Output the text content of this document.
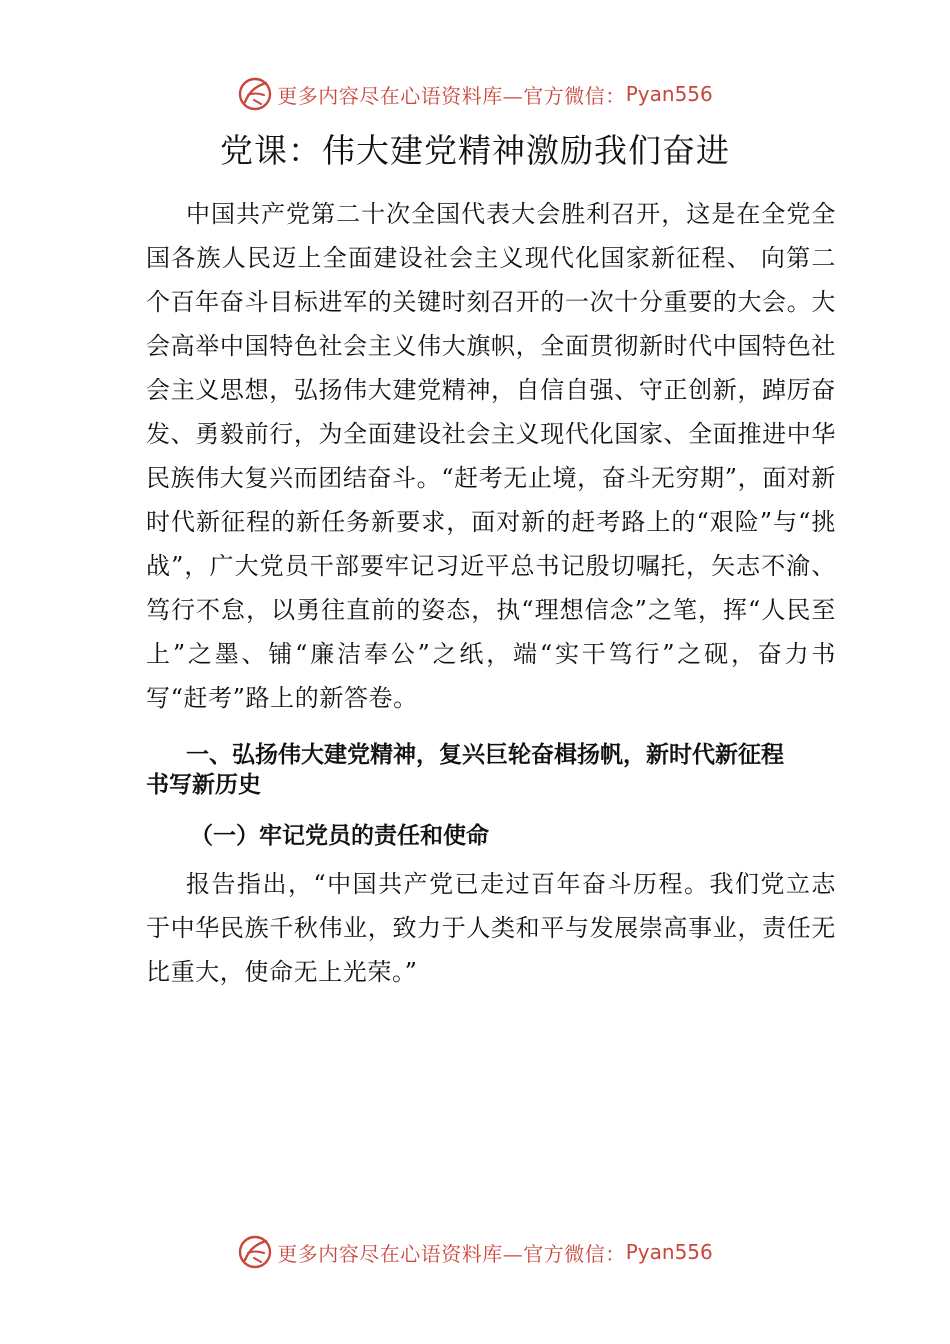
更多内容尽在心语资料库—官方微信： Pyan556
党课：伟大建党精神激励我们奋进

中国共产党第二十次全国代表大会胜利召开，这是在全党全国各族人民迈上全面建设社会主义现代化国家新征程、 向第二个百年奋斗目标进军的关键时刻召开的一次十分重要的大会。大会高举中国特色社会主义伟大旗帜，全面贯彻新时代中国特色社会主义思想，弘扬伟大建党精神，自信自强、守正创新，踔厉奋发、勇毅前行，为全面建设社会主义现代化国家、全面推进中华民族伟大复兴而团结奋斗。“赶考无止境，奋斗无穷期”，面对新时代新征程的新任务新要求，面对新的赶考路上的“艰险”与“挑战”，广大党员干部要牢记习近平总书记殷切嘱托，矢志不渝、笃行不怠，以勇往直前的姿态，执“理想信念”之笔，挥“人民至上”之墨、铺“廉洁奉公”之纸，端“实干笃行”之砚，奋力书写“赶考”路上的新答卷。

一、弘扬伟大建党精神，复兴巨轮奋楫扬帆，新时代新征程书写新历史
（一）牢记党员的责任和使命

报告指出，“中国共产党已走过百年奋斗历程。我们党立志于中华民族千秋伟业，致力于人类和平与发展崇高事业，责任无比重大，使命无上光荣。”

更多内容尽在心语资料库—官方微信： Pyan556
